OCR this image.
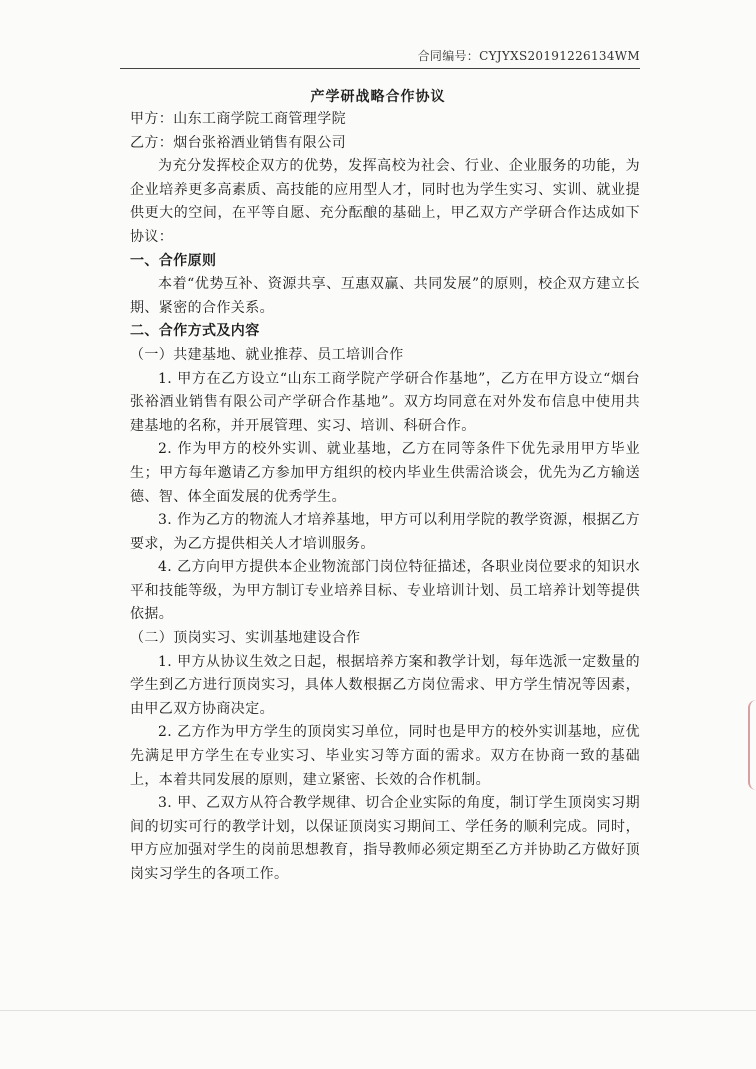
合同编号：CYJYXS20191226134WM
产学研战略合作协议

甲方：山东工商学院工商管理学院

乙方：烟台张裕酒业销售有限公司

为充分发挥校企双方的优势，发挥高校为社会、行业、企业服务的功能，为企业培养更多高素质、高技能的应用型人才，同时也为学生实习、实训、就业提供更大的空间，在平等自愿、充分酝酿的基础上，甲乙双方产学研合作达成如下协议：

一、合作原则

本着“优势互补、资源共享、互惠双赢、共同发展”的原则，校企双方建立长期、紧密的合作关系。

二、合作方式及内容

（一）共建基地、就业推荐、员工培训合作

1. 甲方在乙方设立“山东工商学院产学研合作基地”，乙方在甲方设立“烟台张裕酒业销售有限公司产学研合作基地”。双方均同意在对外发布信息中使用共建基地的名称，并开展管理、实习、培训、科研合作。

2. 作为甲方的校外实训、就业基地，乙方在同等条件下优先录用甲方毕业生；甲方每年邀请乙方参加甲方组织的校内毕业生供需洽谈会，优先为乙方输送德、智、体全面发展的优秀学生。

3. 作为乙方的物流人才培养基地，甲方可以利用学院的教学资源，根据乙方要求，为乙方提供相关人才培训服务。

4. 乙方向甲方提供本企业物流部门岗位特征描述，各职业岗位要求的知识水平和技能等级，为甲方制订专业培养目标、专业培训计划、员工培养计划等提供依据。

（二）顶岗实习、实训基地建设合作

1. 甲方从协议生效之日起，根据培养方案和教学计划，每年选派一定数量的学生到乙方进行顶岗实习，具体人数根据乙方岗位需求、甲方学生情况等因素，由甲乙双方协商决定。

2. 乙方作为甲方学生的顶岗实习单位，同时也是甲方的校外实训基地，应优先满足甲方学生在专业实习、毕业实习等方面的需求。双方在协商一致的基础上，本着共同发展的原则，建立紧密、长效的合作机制。

3. 甲、乙双方从符合教学规律、切合企业实际的角度，制订学生顶岗实习期间的切实可行的教学计划，以保证顶岗实习期间工、学任务的顺利完成。同时，甲方应加强对学生的岗前思想教育，指导教师必须定期至乙方并协助乙方做好顶岗实习学生的各项工作。
